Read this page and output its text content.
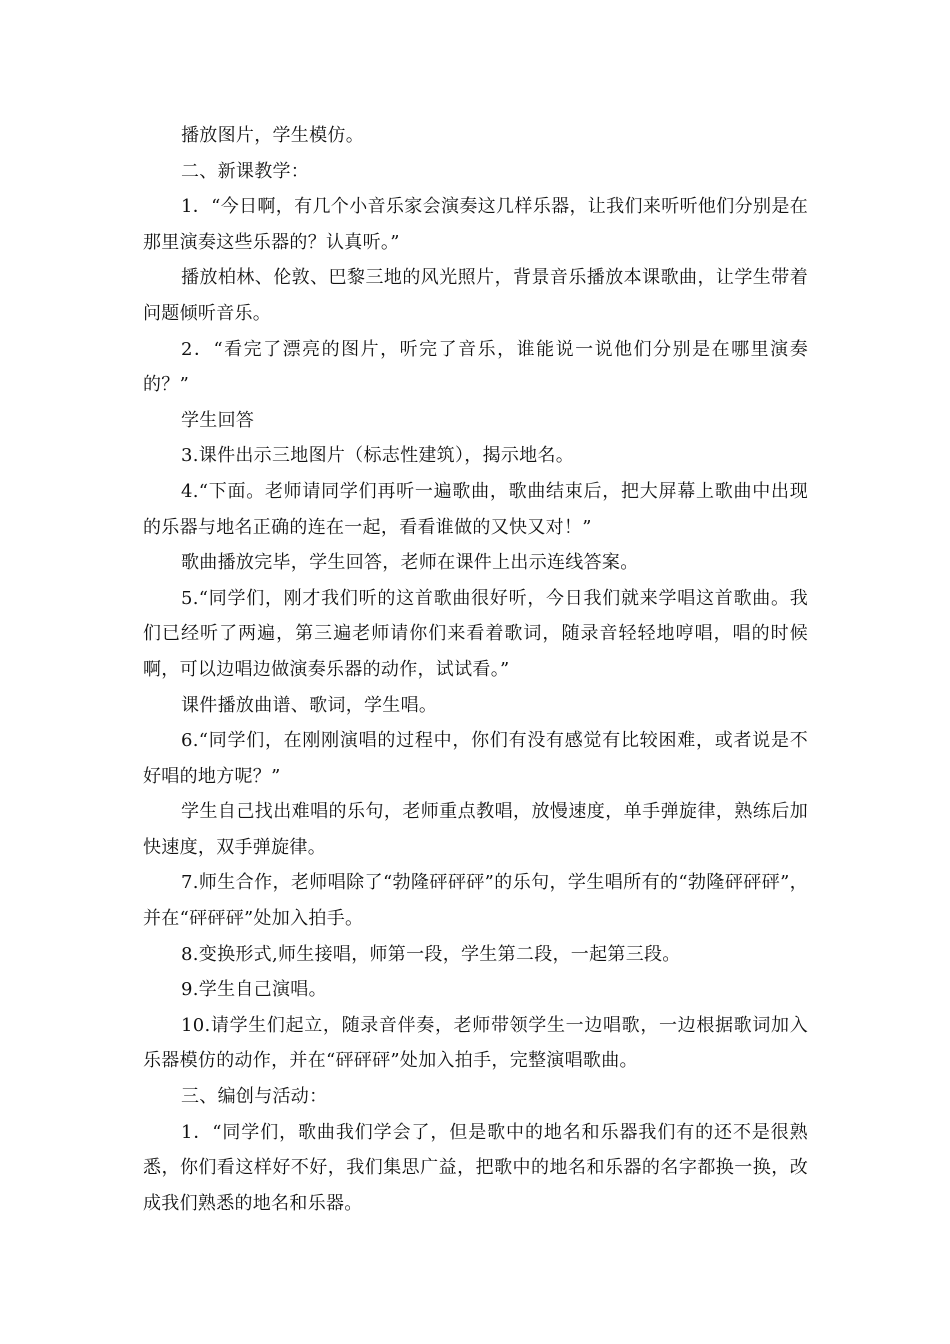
播放图片，学生模仿。

二、新课教学：

1．“今日啊，有几个小音乐家会演奏这几样乐器，让我们来听听他们分别是在那里演奏这些乐器的？认真听。”

播放柏林、伦敦、巴黎三地的风光照片，背景音乐播放本课歌曲，让学生带着问题倾听音乐。

2．“看完了漂亮的图片，听完了音乐，谁能说一说他们分别是在哪里演奏的？”

学生回答

3.课件出示三地图片（标志性建筑），揭示地名。

4.“下面。老师请同学们再听一遍歌曲，歌曲结束后，把大屏幕上歌曲中出现的乐器与地名正确的连在一起，看看谁做的又快又对！”

歌曲播放完毕，学生回答，老师在课件上出示连线答案。

5.“同学们，刚才我们听的这首歌曲很好听，今日我们就来学唱这首歌曲。我们已经听了两遍，第三遍老师请你们来看着歌词，随录音轻轻地哼唱，唱的时候啊，可以边唱边做演奏乐器的动作，试试看。”

课件播放曲谱、歌词，学生唱。

6.“同学们，在刚刚演唱的过程中，你们有没有感觉有比较困难，或者说是不好唱的地方呢？”

学生自己找出难唱的乐句，老师重点教唱，放慢速度，单手弹旋律，熟练后加快速度，双手弹旋律。

7.师生合作，老师唱除了“勃隆砰砰砰”的乐句，学生唱所有的“勃隆砰砰砰”，并在“砰砰砰”处加入拍手。

8.变换形式,师生接唱，师第一段，学生第二段，一起第三段。

9.学生自己演唱。

10.请学生们起立，随录音伴奏，老师带领学生一边唱歌，一边根据歌词加入乐器模仿的动作，并在“砰砰砰”处加入拍手，完整演唱歌曲。

三、编创与活动：

1．“同学们，歌曲我们学会了，但是歌中的地名和乐器我们有的还不是很熟悉，你们看这样好不好，我们集思广益，把歌中的地名和乐器的名字都换一换，改成我们熟悉的地名和乐器。
